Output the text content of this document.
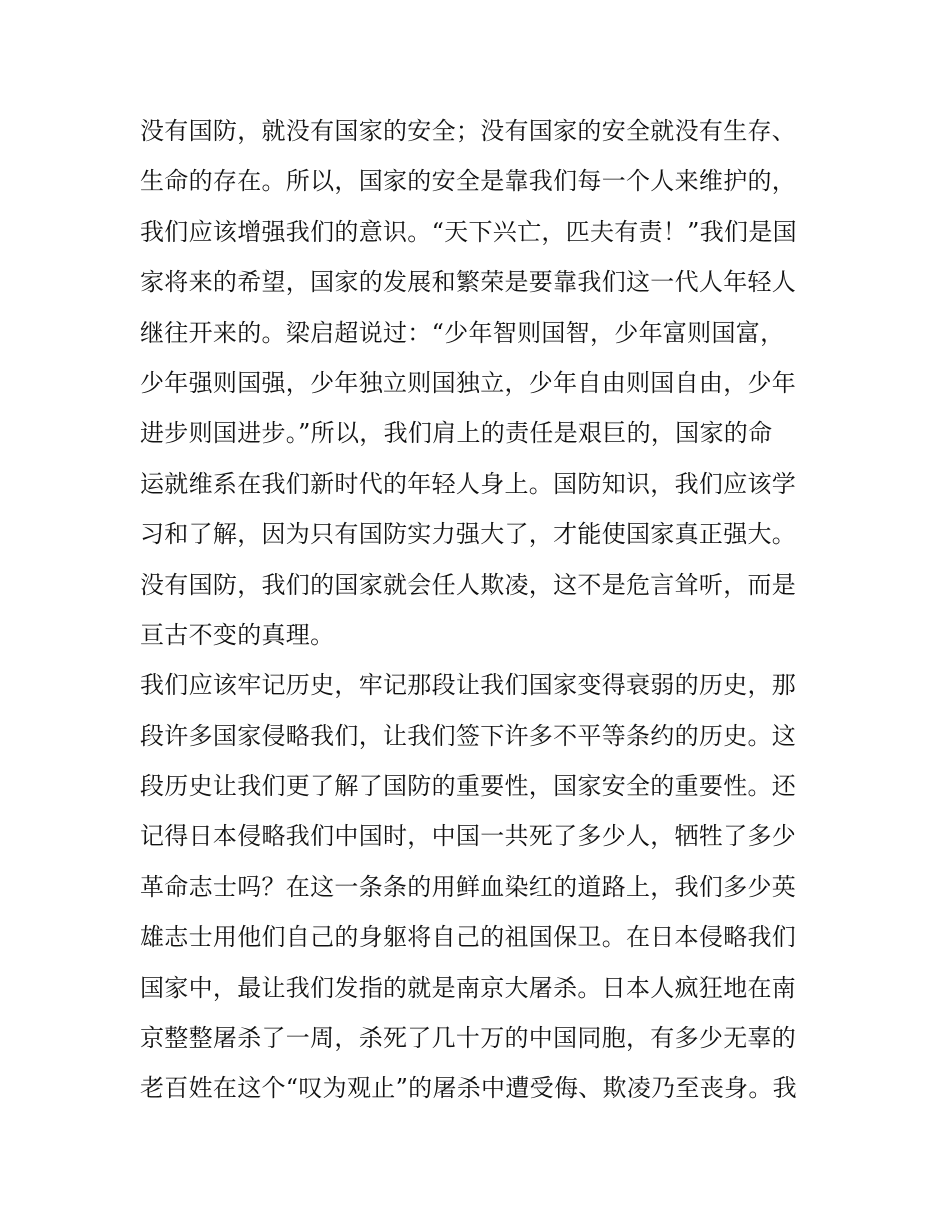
没有国防，就没有国家的安全；没有国家的安全就没有生存、
生命的存在。所以，国家的安全是靠我们每一个人来维护的，
我们应该增强我们的意识。“天下兴亡，匹夫有责！”我们是国
家将来的希望，国家的发展和繁荣是要靠我们这一代人年轻人
继往开来的。梁启超说过：“少年智则国智，少年富则国富，
少年强则国强，少年独立则国独立，少年自由则国自由，少年
进步则国进步。”所以，我们肩上的责任是艰巨的，国家的命
运就维系在我们新时代的年轻人身上。国防知识，我们应该学
习和了解，因为只有国防实力强大了，才能使国家真正强大。
没有国防，我们的国家就会任人欺凌，这不是危言耸听，而是
亘古不变的真理。
我们应该牢记历史，牢记那段让我们国家变得衰弱的历史，那
段许多国家侵略我们，让我们签下许多不平等条约的历史。这
段历史让我们更了解了国防的重要性，国家安全的重要性。还
记得日本侵略我们中国时，中国一共死了多少人，牺牲了多少
革命志士吗？在这一条条的用鲜血染红的道路上，我们多少英
雄志士用他们自己的身躯将自己的祖国保卫。在日本侵略我们
国家中，最让我们发指的就是南京大屠杀。日本人疯狂地在南
京整整屠杀了一周，杀死了几十万的中国同胞，有多少无辜的
老百姓在这个“叹为观止”的屠杀中遭受侮、欺凌乃至丧身。我
